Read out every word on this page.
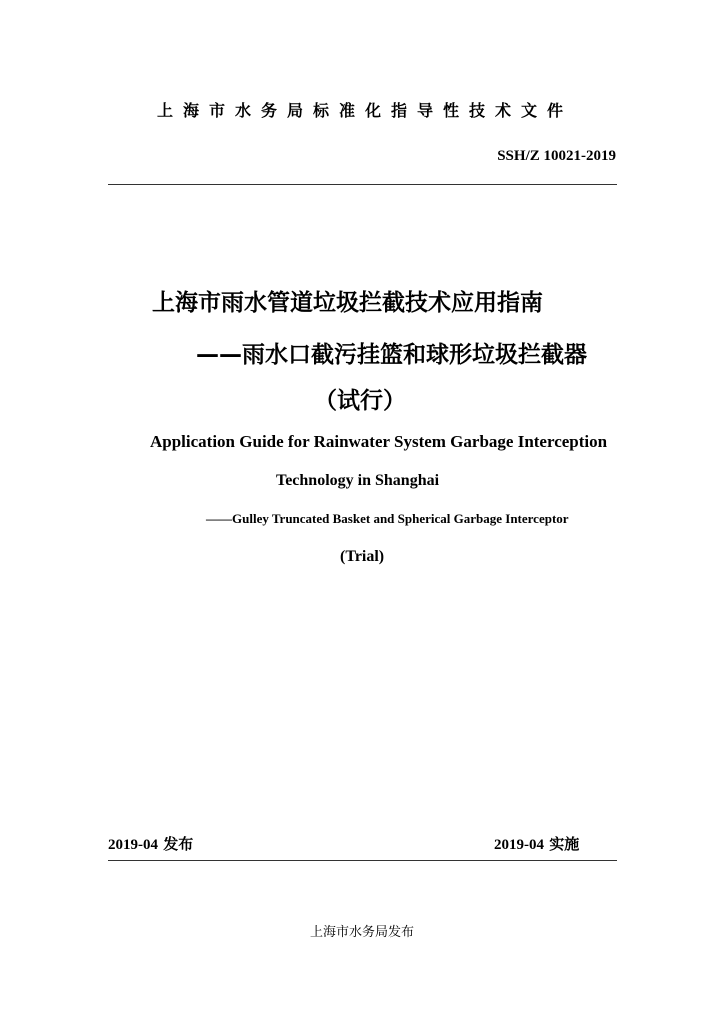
上海市水务局标准化指导性技术文件
SSH/Z 10021-2019
上海市雨水管道垃圾拦截技术应用指南
——雨水口截污挂篮和球形垃圾拦截器
（试行）
Application Guide for Rainwater System Garbage Interception
Technology in Shanghai
——Gulley Truncated Basket and Spherical Garbage Interceptor
(Trial)
2019-04 发布	2019-04 实施
上海市水务局发布
